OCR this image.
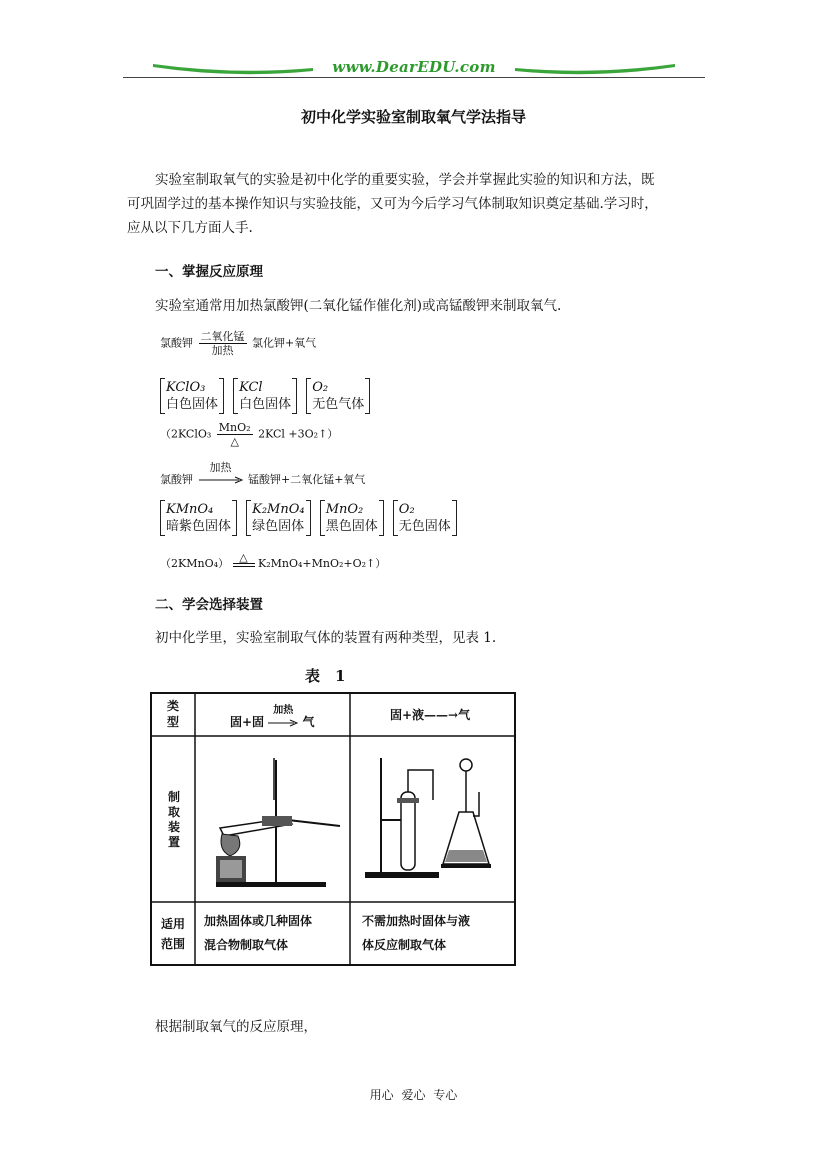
www.DearEDU.com
初中化学实验室制取氧气学法指导
实验室制取氧气的实验是初中化学的重要实验，学会并掌握此实验的知识和方法，既
可巩固学过的基本操作知识与实验技能，又可为今后学习气体制取知识奠定基础.学习时，
应从以下几方面人手.
一、掌握反应原理
实验室通常用加热氯酸钾(二氧化锰作催化剂)或高锰酸钾来制取氧气.
氯酸钾 $\frac{\text{二氧化锰}}{\text{加热}}$ 氯化钾+氧气
KClO₃
白色固体 KCl
白色固体 O₂
无色气体
（2KClO₃ $\frac{\text{MnO₂}}{\triangle} 2KCl$ +3O₂↑）
氯酸钾
加热
锰酸钾+二氧化锰+氧气
KMnO₄
暗紫色固体 K₂MnO₄
绿色固体 MnO₂
黑色固体 O₂
无色固体
（2KMnO₄） △ K₂MnO₄+MnO₂+O₂↑）
二、学会选择装置
初中化学里，实验室制取气体的装置有两种类型，见表 1.
表　1
类型
制取装置
适用范围
固+固
加热
气	固+液——→气
加热固体或几种固体
混合物制取气体
不需加热时固体与液
体反应制取气体
根据制取氧气的反应原理，
用心 爱心 专心
